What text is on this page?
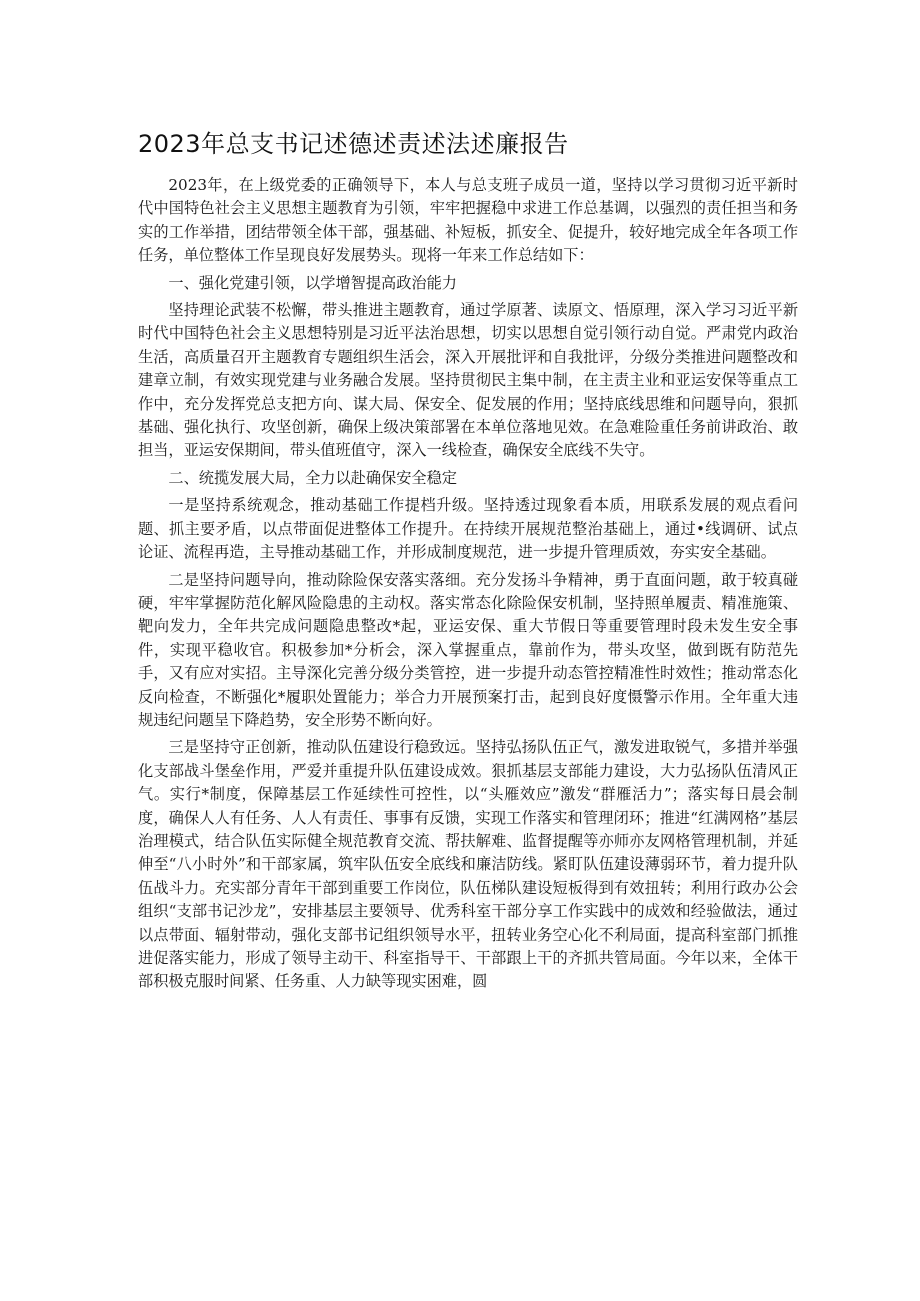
2023年总支书记述德述责述法述廉报告

2023年，在上级党委的正确领导下，本人与总支班子成员一道，坚持以学习贯彻习近平新时代中国特色社会主义思想主题教育为引领，牢牢把握稳中求进工作总基调，以强烈的责任担当和务实的工作举措，团结带领全体干部，强基础、补短板，抓安全、促提升，较好地完成全年各项工作任务，单位整体工作呈现良好发展势头。现将一年来工作总结如下：

一、强化党建引领，以学增智提高政治能力

坚持理论武装不松懈，带头推进主题教育，通过学原著、读原文、悟原理，深入学习习近平新时代中国特色社会主义思想特别是习近平法治思想，切实以思想自觉引领行动自觉。严肃党内政治生活，高质量召开主题教育专题组织生活会，深入开展批评和自我批评，分级分类推进问题整改和建章立制，有效实现党建与业务融合发展。坚持贯彻民主集中制，在主责主业和亚运安保等重点工作中，充分发挥党总支把方向、谋大局、保安全、促发展的作用；坚持底线思维和问题导向，狠抓基础、强化执行、攻坚创新，确保上级决策部署在本单位落地见效。在急难险重任务前讲政治、敢担当，亚运安保期间，带头值班值守，深入一线检查，确保安全底线不失守。

二、统揽发展大局，全力以赴确保安全稳定

一是坚持系统观念，推动基础工作提档升级。坚持透过现象看本质，用联系发展的观点看问题、抓主要矛盾，以点带面促进整体工作提升。在持续开展规范整治基础上，通过•线调研、试点论证、流程再造，主导推动基础工作，并形成制度规范，进一步提升管理质效，夯实安全基础。

二是坚持问题导向，推动除险保安落实落细。充分发扬斗争精神，勇于直面问题，敢于较真碰硬，牢牢掌握防范化解风险隐患的主动权。落实常态化除险保安机制，坚持照单履责、精准施策、靶向发力，全年共完成问题隐患整改*起，亚运安保、重大节假日等重要管理时段未发生安全事件，实现平稳收官。积极参加*分析会，深入掌握重点，靠前作为，带头攻坚，做到既有防范先手，又有应对实招。主导深化完善分级分类管控，进一步提升动态管控精准性时效性；推动常态化反向检查，不断强化*履职处置能力；举合力开展预案打击，起到良好度慑警示作用。全年重大违规违纪问题呈下降趋势，安全形势不断向好。

三是坚持守正创新，推动队伍建设行稳致远。坚持弘扬队伍正气，激发进取锐气，多措并举强化支部战斗堡垒作用，严爱并重提升队伍建设成效。狠抓基层支部能力建设，大力弘扬队伍清风正气。实行*制度，保障基层工作延续性可控性，以“头雁效应”激发“群雁活力”；落实每日晨会制度，确保人人有任务、人人有责任、事事有反馈，实现工作落实和管理闭环；推进“红满网格”基层治理模式，结合队伍实际健全规范教育交流、帮扶解难、监督提醒等亦师亦友网格管理机制，并延伸至“八小时外”和干部家属，筑牢队伍安全底线和廉洁防线。紧盯队伍建设薄弱环节，着力提升队伍战斗力。充实部分青年干部到重要工作岗位，队伍梯队建设短板得到有效扭转；利用行政办公会组织“支部书记沙龙”，安排基层主要领导、优秀科室干部分享工作实践中的成效和经验做法，通过以点带面、辐射带动，强化支部书记组织领导水平，扭转业务空心化不利局面，提高科室部门抓推进促落实能力，形成了领导主动干、科室指导干、干部跟上干的齐抓共管局面。今年以来，全体干部积极克服时间紧、任务重、人力缺等现实困难，圆
